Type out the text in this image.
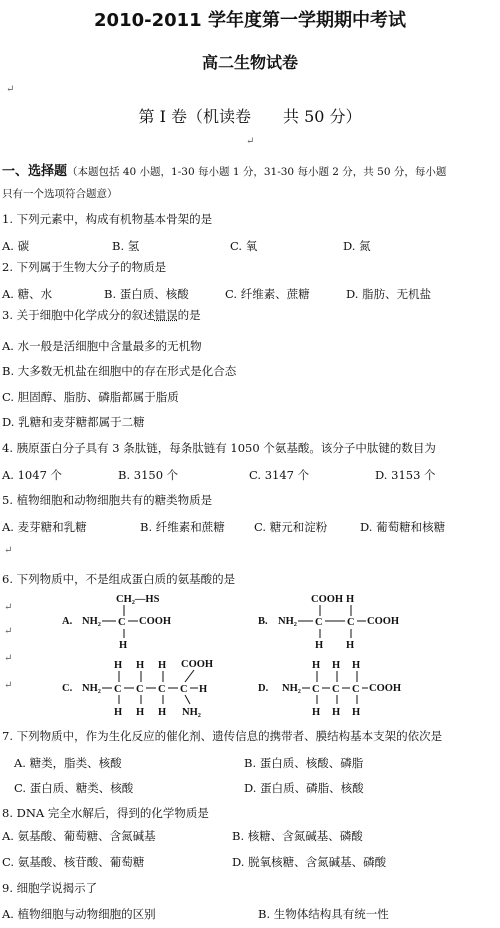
2010-2011 学年度第一学期期中考试
高二生物试卷
↵
第 I 卷（机读卷　　共 50 分）
↵
一、选择题（本题包括 40 小题，1-30 每小题 1 分，31-30 每小题 2 分，共 50 分，每小题
只有一个选项符合题意）
1. 下列元素中，构成有机物基本骨架的是
A. 碳	B. 氢	C. 氧	D. 氮
2. 下列属于生物大分子的物质是
A. 糖、水	B. 蛋白质、核酸	C. 纤维素、蔗糖	D. 脂肪、无机盐
3. 关于细胞中化学成分的叙述错误的是
A. 水一般是活细胞中含量最多的无机物
B. 大多数无机盐在细胞中的存在形式是化合态
C. 胆固醇、脂肪、磷脂都属于脂质
D. 乳糖和麦芽糖都属于二糖
4. 胰原蛋白分子具有 3 条肽链，每条肽链有 1050 个氨基酸。该分子中肽键的数目为
A. 1047 个	B. 3150 个	C. 3147 个	D. 3153 个
5. 植物细胞和动物细胞共有的糖类物质是
A. 麦芽糖和乳糖	B. 纤维素和蔗糖	C. 糖元和淀粉	D. 葡萄糖和核糖
↵
6. 下列物质中，不是组成蛋白质的氨基酸的是
↵
↵
↵
↵
A.
CH₂—HS
NH₂ C COOH
H
B.
COOH
NH₂ C C COOH
H
H H
C. NH₂ C C C C
H H H COOH
H
H H H NH₂
D. NH₂ C C C COOH
H H H
H H H
7. 下列物质中，作为生化反应的催化剂、遗传信息的携带者、膜结构基本支架的依次是
A. 糖类，脂类、核酸	B. 蛋白质、核酸、磷脂
C. 蛋白质、糖类、核酸	D. 蛋白质、磷脂、核酸
8. DNA 完全水解后，得到的化学物质是
A. 氨基酸、葡萄糖、含氮碱基	B. 核糖、含氮碱基、磷酸
C. 氨基酸、核苷酸、葡萄糖	D. 脱氧核糖、含氮碱基、磷酸
9. 细胞学说揭示了
A. 植物细胞与动物细胞的区别	B. 生物体结构具有统一性
